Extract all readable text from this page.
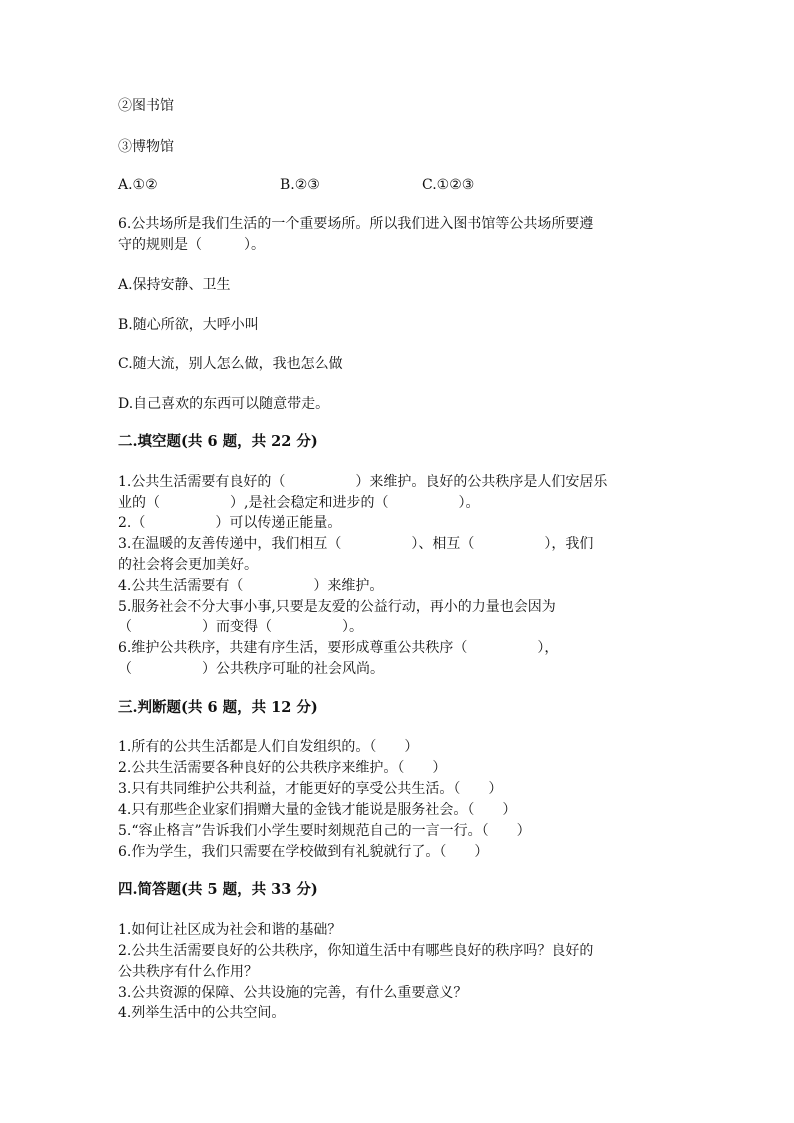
②图书馆
③博物馆
A.①②	B.②③	C.①②③
6.公共场所是我们生活的一个重要场所。所以我们进入图书馆等公共场所要遵
守的规则是（　　　）。
A.保持安静、卫生
B.随心所欲，大呼小叫
C.随大流，别人怎么做，我也怎么做
D.自己喜欢的东西可以随意带走。
二.填空题(共 6 题，共 22 分)
1.公共生活需要有良好的（　　　　　）来维护。良好的公共秩序是人们安居乐
业的（　　　　　）,是社会稳定和进步的（　　　　　）。
2.（　　　　　）可以传递正能量。
3.在温暖的友善传递中，我们相互（　　　　　）、相互（　　　　　），我们
的社会将会更加美好。
4.公共生活需要有（　　　　　）来维护。
5.服务社会不分大事小事,只要是友爱的公益行动，再小的力量也会因为
（　　　　　）而变得（　　　　　）。
6.维护公共秩序，共建有序生活，要形成尊重公共秩序（　　　　　），
（　　　　　）公共秩序可耻的社会风尚。
三.判断题(共 6 题，共 12 分)
1.所有的公共生活都是人们自发组织的。（　　）
2.公共生活需要各种良好的公共秩序来维护。（　　）
3.只有共同维护公共利益，才能更好的享受公共生活。（　　）
4.只有那些企业家们捐赠大量的金钱才能说是服务社会。（　　）
5.“容止格言”告诉我们小学生要时刻规范自己的一言一行。（　　）
6.作为学生，我们只需要在学校做到有礼貌就行了。（　　）
四.简答题(共 5 题，共 33 分)
1.如何让社区成为社会和谐的基础？
2.公共生活需要良好的公共秩序，你知道生活中有哪些良好的秩序吗？良好的
公共秩序有什么作用？
3.公共资源的保障、公共设施的完善，有什么重要意义？
4.列举生活中的公共空间。
